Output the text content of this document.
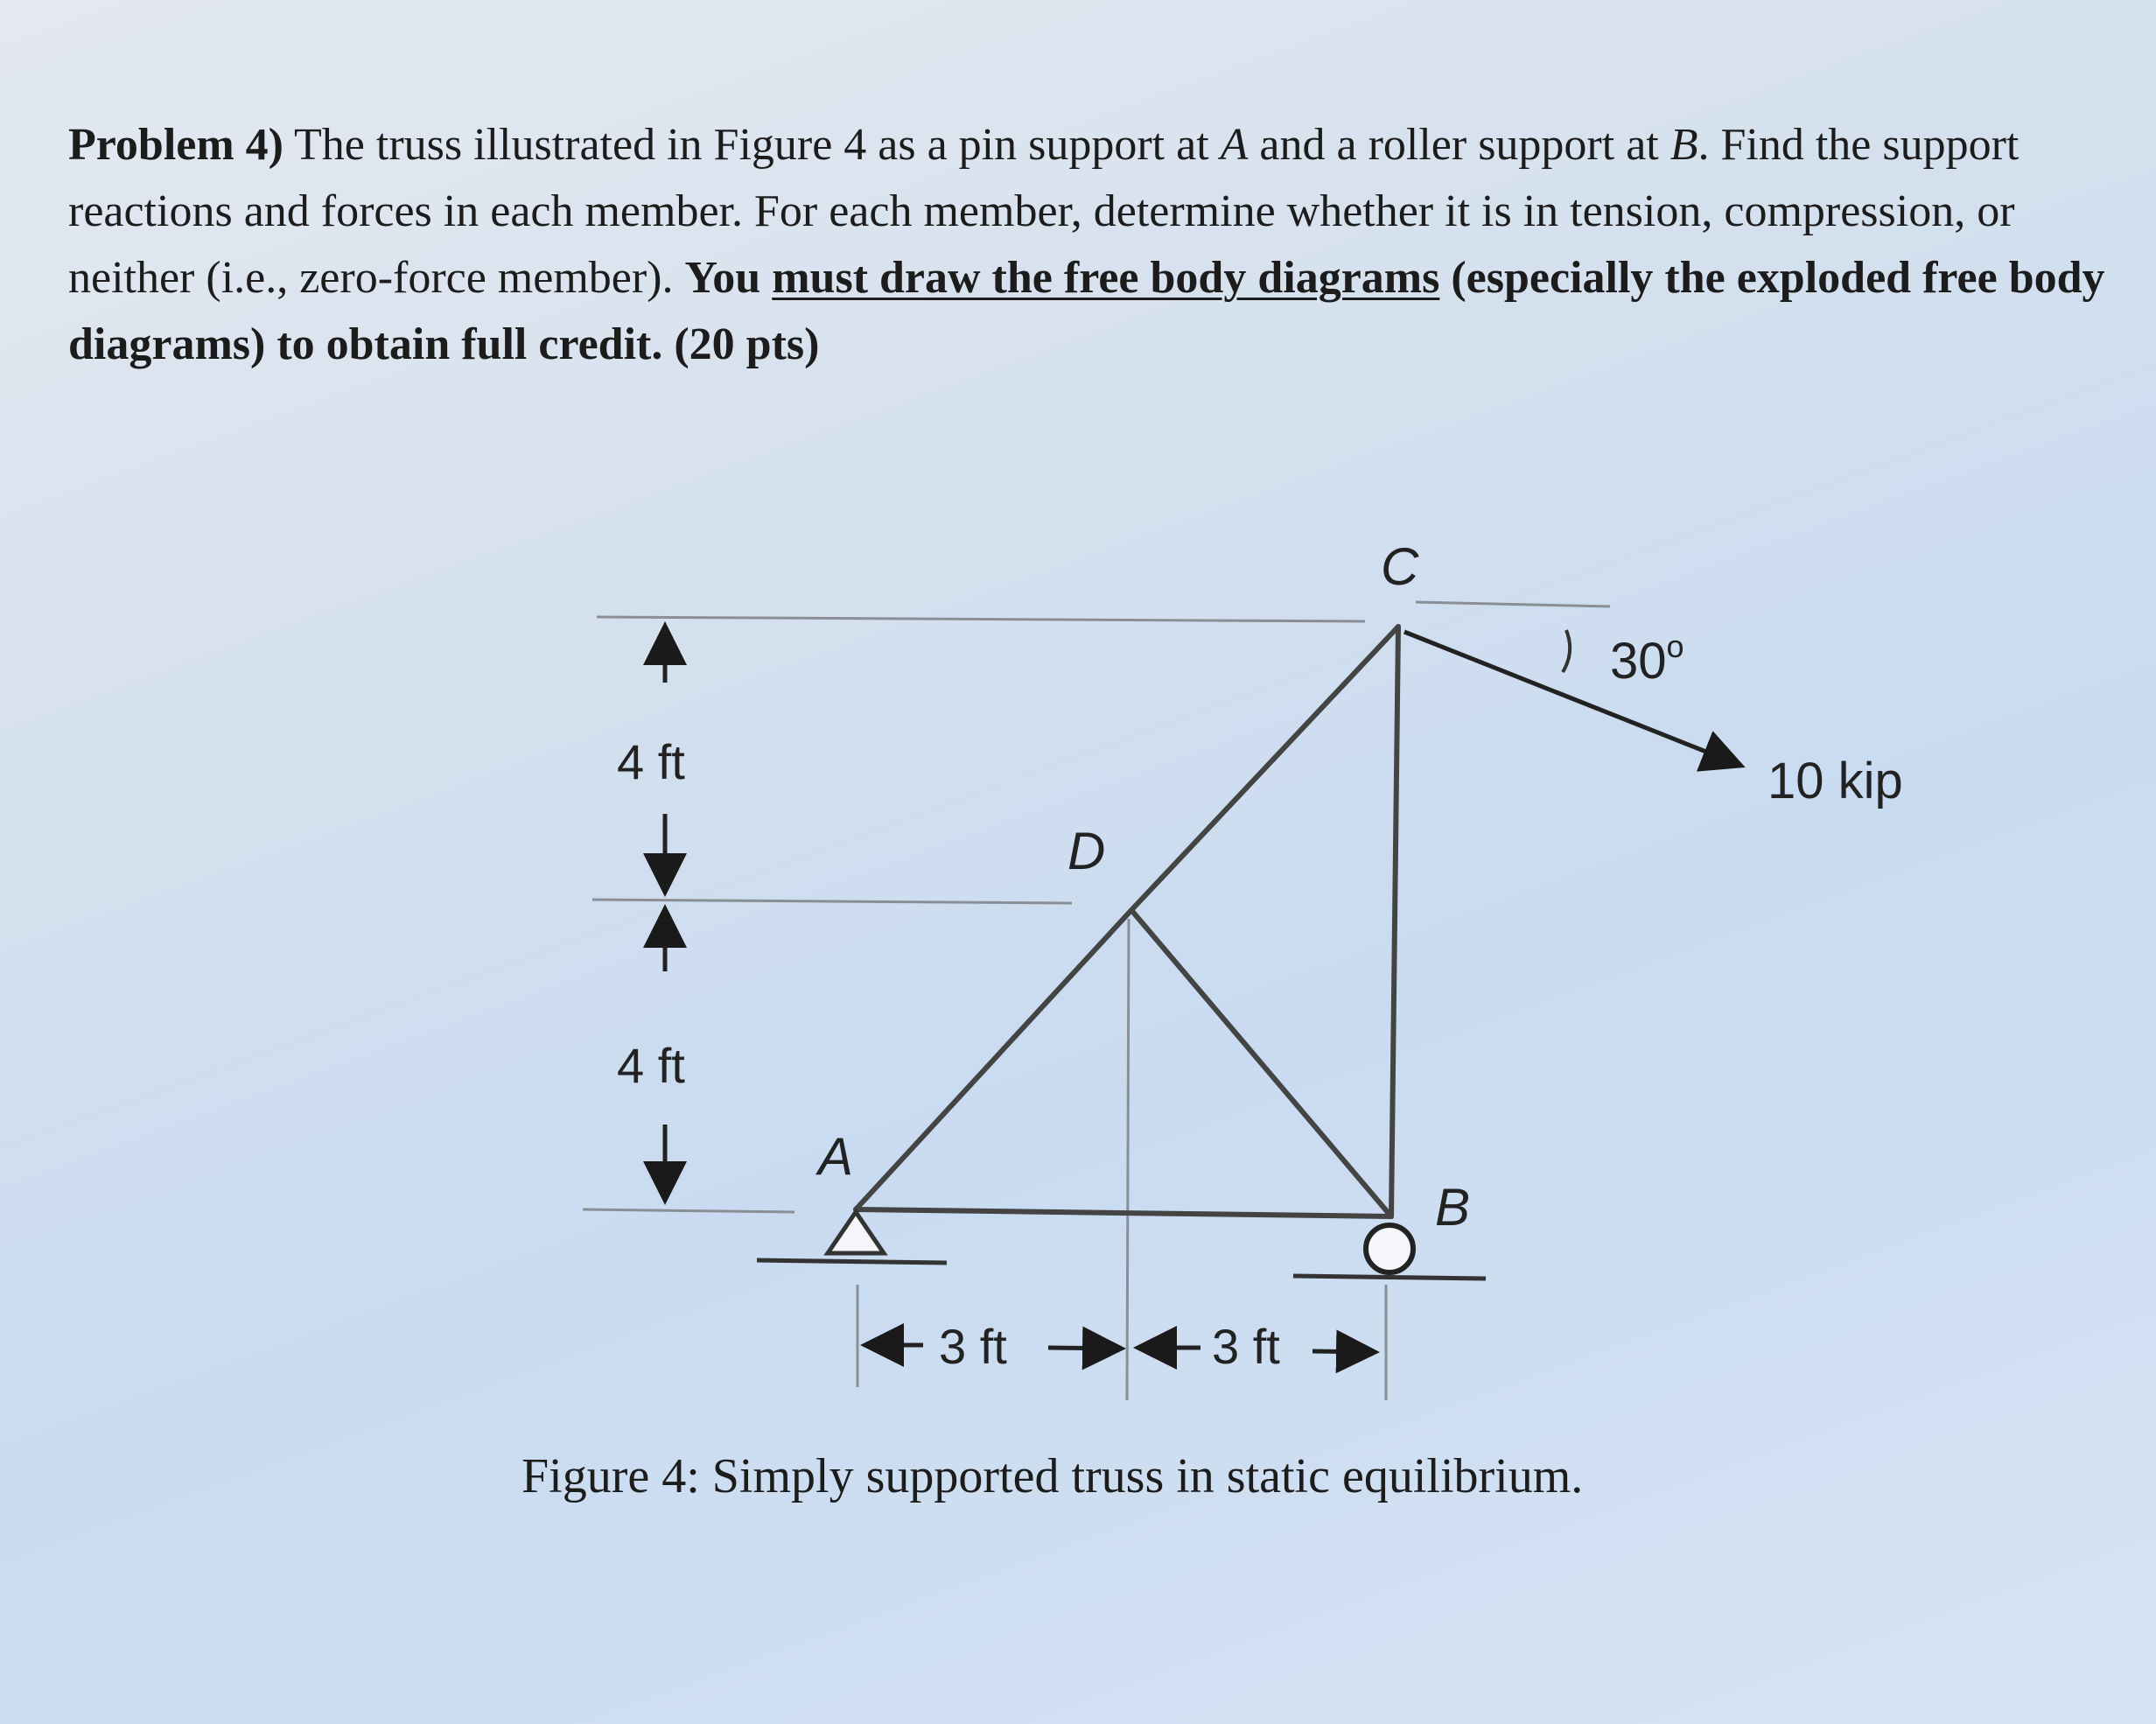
Problem 4) The truss illustrated in Figure 4 as a pin support at A and a roller support at B. Find the support reactions and forces in each member. For each member, determine whether it is in tension, compression, or neither (i.e., zero-force member). You must draw the free body diagrams (especially the exploded free body diagrams) to obtain full credit. (20 pts)
C
D
A
B
4 ft
4 ft
3 ft	3 ft
30$^o$
10 kip
Figure 4: Simply supported truss in static equilibrium.
